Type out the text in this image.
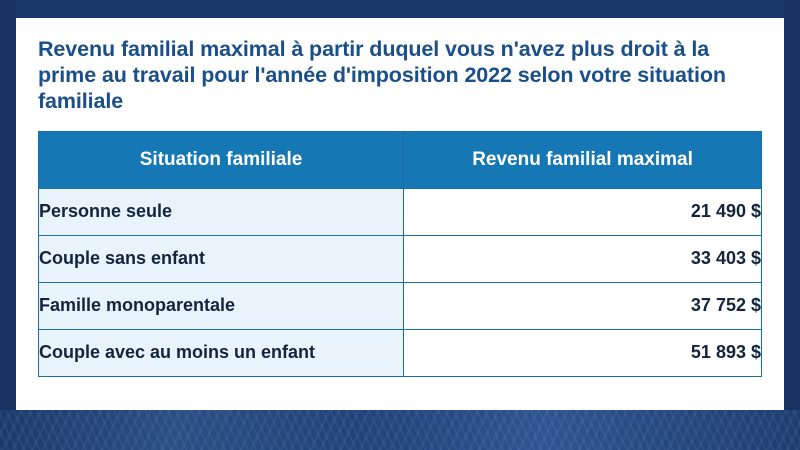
Revenu familial maximal à partir duquel vous n'avez plus droit à la prime au travail pour l'année d'imposition 2022 selon votre situation familiale
Situation familiale	Revenu familial maximal
Personne seule	21 490 $
Couple sans enfant	33 403 $
Famille monoparentale	37 752 $
Couple avec au moins un enfant	51 893 $
